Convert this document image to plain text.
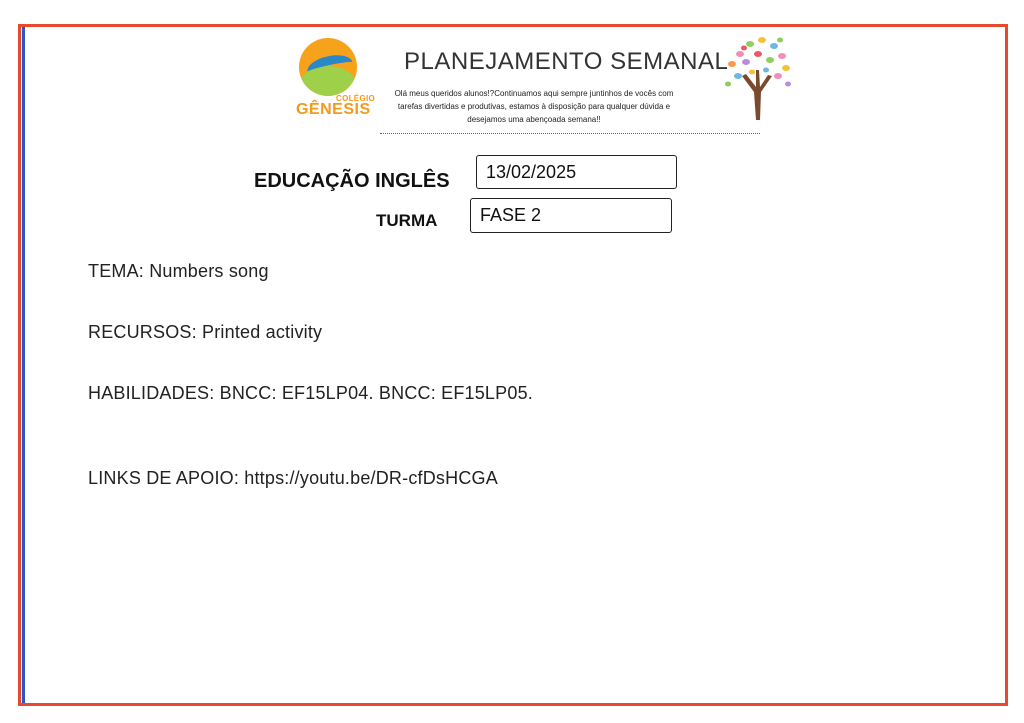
COLÉGIO
GÊNESIS
PLANEJAMENTO SEMANAL
Olá meus queridos alunos!?Continuamos aqui sempre juntinhos de vocês com tarefas divertidas e produtivas, estamos à disposição para qualquer dúvida e desejamos uma abençoada semana!!
EDUCAÇÃO INGLÊS	13/02/2025
TURMA	FASE 2
TEMA: Numbers song
RECURSOS: Printed activity
HABILIDADES: BNCC: EF15LP04. BNCC: EF15LP05.
LINKS DE APOIO: https://youtu.be/DR-cfDsHCGA
